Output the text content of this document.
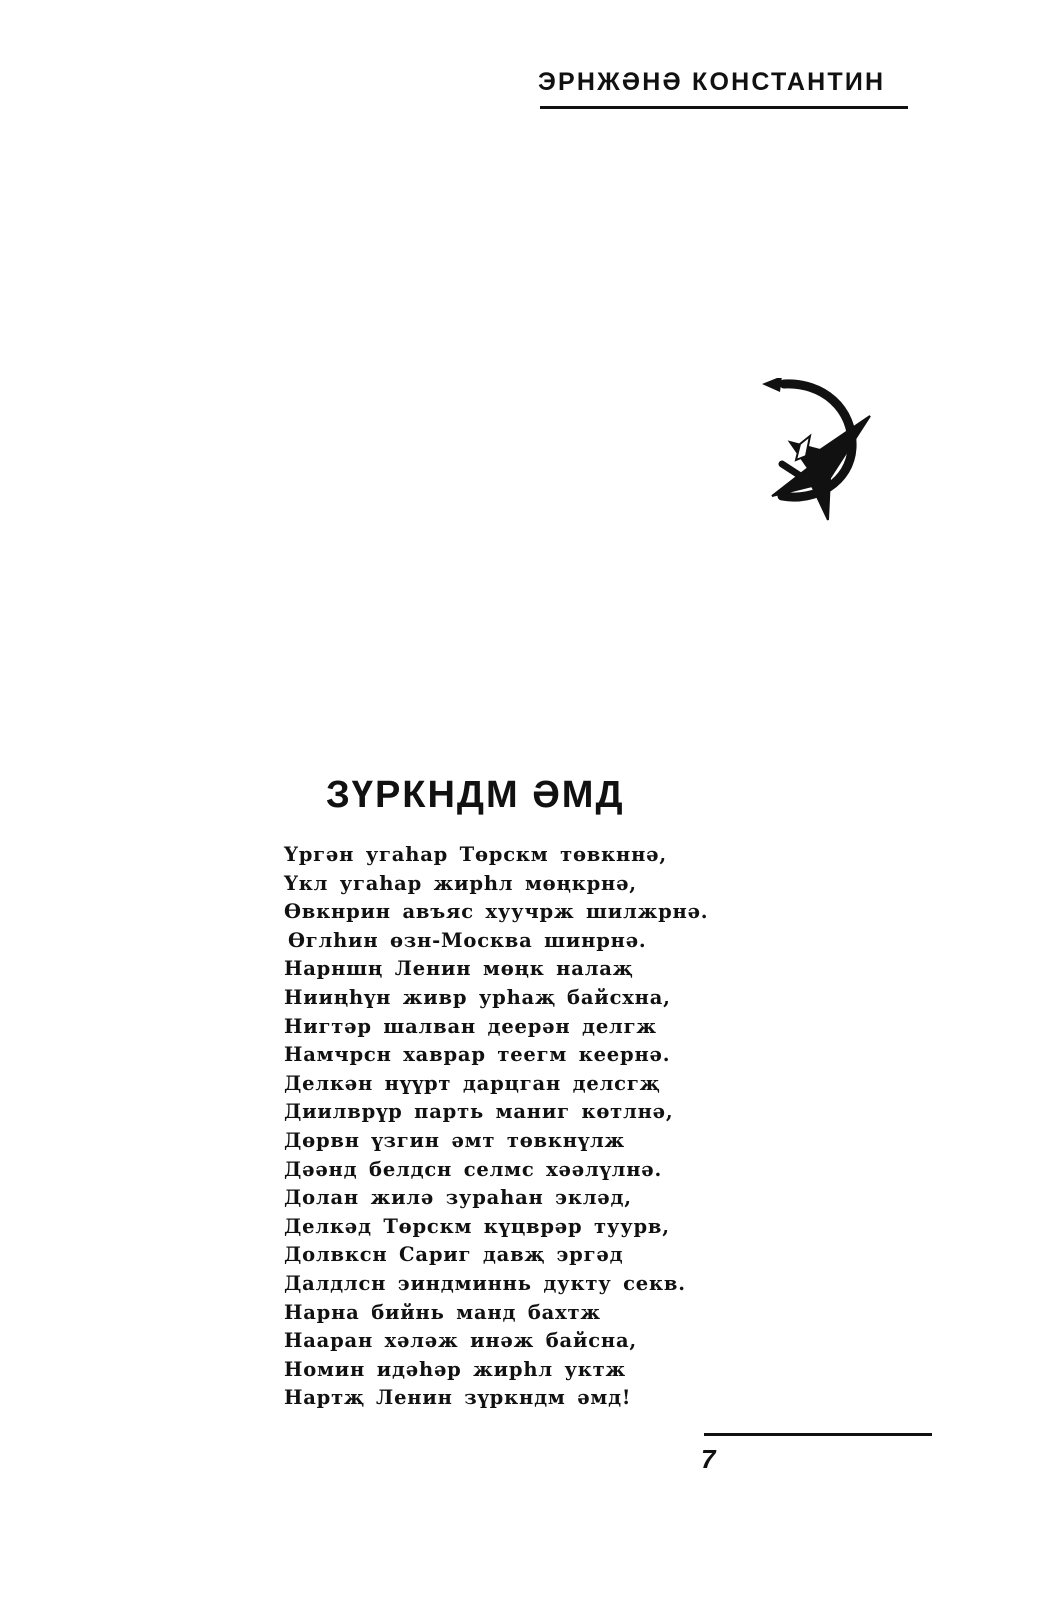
ЭРНЖӘНӘ КОНСТАНТИН
ЗҮРКНДМ ӘМД
Үргән угаһар Төрскм төвкннә,
Үкл угаһар жирһл мөңкрнә,
Өвкнрин авъяс хуучрж шилжрнә.
Өглһин өзн-Москва шинрнә.
Нарншң Ленин мөңк налаҗ
Нииңһүн живр урһаҗ байсхна,
Нигтәр шалван деерән делгж
Намчрсн хаврар теегм кеернә.
Делкән нүүрт дарцган делсгҗ
Диилврүр парть маниг көтлнә,
Дөрвн үзгин әмт төвкнүлж
Дәәнд белдсн селмс хәәлүлнә.
Долан жилә зураһан экләд,
Делкәд Төрскм күцврәр туурв,
Долвксн Сариг давҗ эргәд
Далдлсн эиндминнь дукту секв.
Нарна бийнь манд бахтж
Нааран хәләж инәж байсна,
Номин идәһәр жирһл уктж
Нартҗ Ленин зүркндм әмд!
7
